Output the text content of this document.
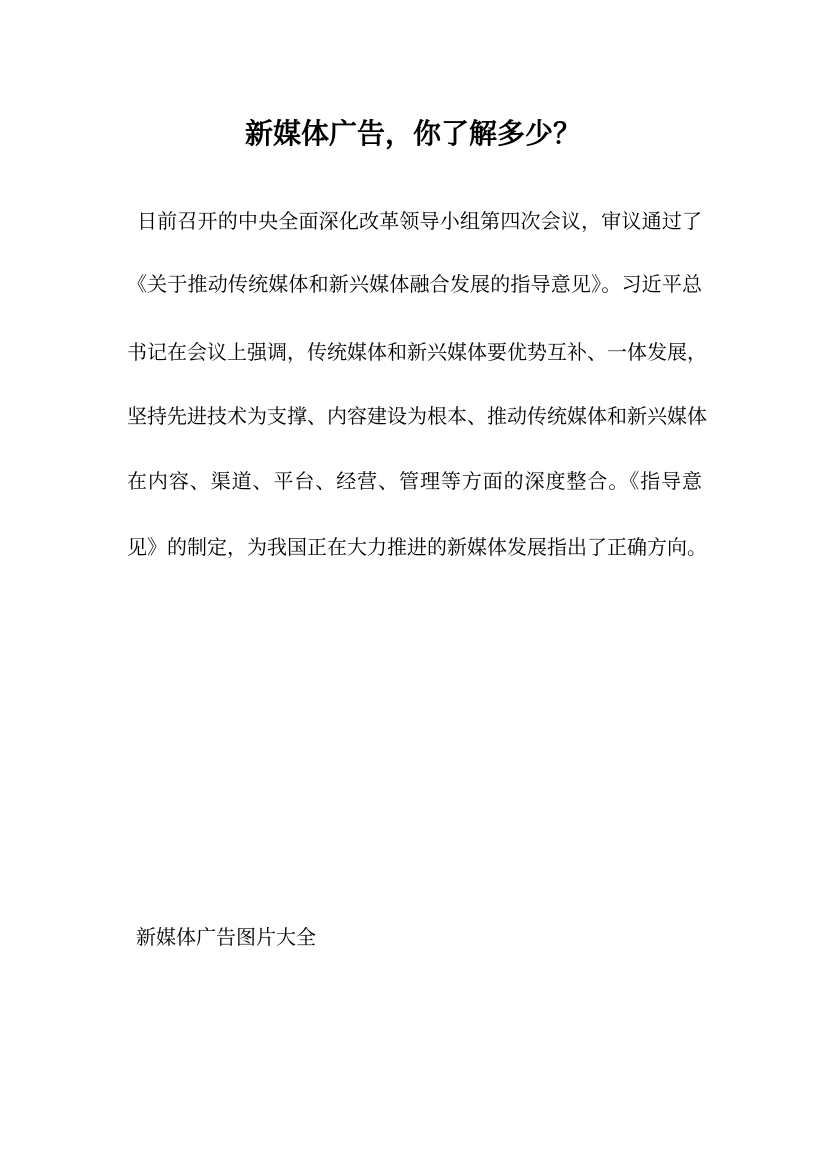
新媒体广告，你了解多少？

日前召开的中央全面深化改革领导小组第四次会议，审议通过了

《关于推动传统媒体和新兴媒体融合发展的指导意见》。习近平总

书记在会议上强调，传统媒体和新兴媒体要优势互补、一体发展，

坚持先进技术为支撑、内容建设为根本、推动传统媒体和新兴媒体

在内容、渠道、平台、经营、管理等方面的深度整合。《指导意

见》的制定，为我国正在大力推进的新媒体发展指出了正确方向。

新媒体广告图片大全
